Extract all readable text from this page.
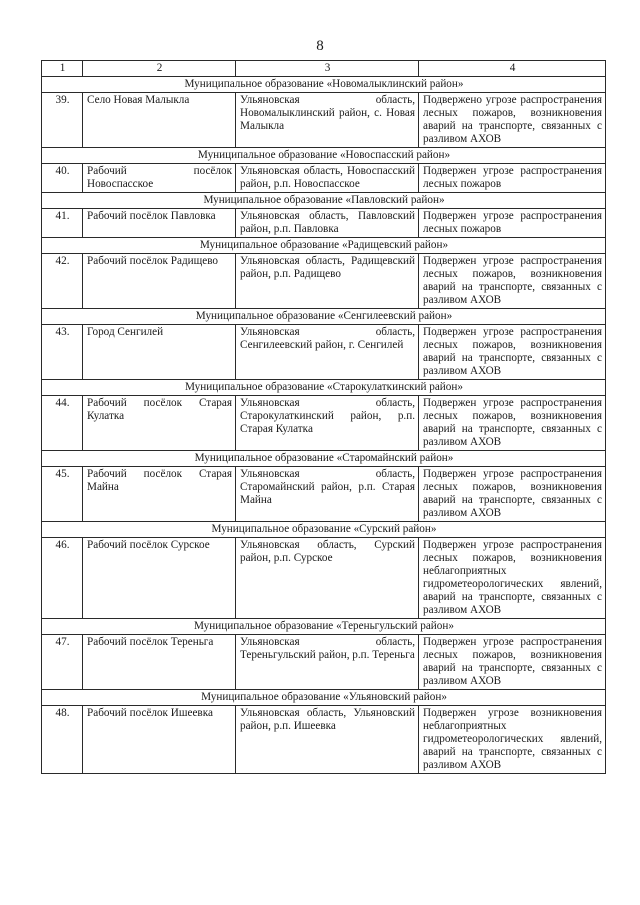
8
1	2	3	4
Муниципальное образование «Новомалыклинский район»			
39.	Село Новая Малыкла	Ульяновская область, Новомалыклинский район, с. Новая Малыкла	Подвержено угрозе распространения лесных пожаров, возникновения аварий на транспорте, связанных с разливом АХОВ
Муниципальное образование «Новоспасский район»			
40.	Рабочий посёлок Новоспасское	Ульяновская область, Новоспасский район, р.п. Новоспасское	Подвержен угрозе распространения лесных пожаров
Муниципальное образование «Павловский район»			
41.	Рабочий посёлок Павловка	Ульяновская область, Павловский район, р.п. Павловка	Подвержен угрозе распространения лесных пожаров
Муниципальное образование «Радищевский район»			
42.	Рабочий посёлок Радищево	Ульяновская область, Радищевский район, р.п. Радищево	Подвержен угрозе распространения лесных пожаров, возникновения аварий на транспорте, связанных с разливом АХОВ
Муниципальное образование «Сенгилеевский район»			
43.	Город Сенгилей	Ульяновская область, Сенгилеевский район, г. Сенгилей	Подвержен угрозе распространения лесных пожаров, возникновения аварий на транспорте, связанных с разливом АХОВ
Муниципальное образование «Старокулаткинский район»			
44.	Рабочий посёлок Старая Кулатка	Ульяновская область, Старокулаткинский район, р.п. Старая Кулатка	Подвержен угрозе распространения лесных пожаров, возникновения аварий на транспорте, связанных с разливом АХОВ
Муниципальное образование «Старомайнский район»			
45.	Рабочий посёлок Старая Майна	Ульяновская область, Старомайнский район, р.п. Старая Майна	Подвержен угрозе распространения лесных пожаров, возникновения аварий на транспорте, связанных с разливом АХОВ
Муниципальное образование «Сурский район»			
46.	Рабочий посёлок Сурское	Ульяновская область, Сурский район, р.п. Сурское	Подвержен угрозе распространения лесных пожаров, возникновения неблагоприятных гидрометеорологических явлений, аварий на транспорте, связанных с разливом АХОВ
Муниципальное образование «Тереньгульский район»			
47.	Рабочий посёлок Тереньга	Ульяновская область, Тереньгульский район, р.п. Тереньга	Подвержен угрозе распространения лесных пожаров, возникновения аварий на транспорте, связанных с разливом АХОВ
Муниципальное образование «Ульяновский район»			
48.	Рабочий посёлок Ишеевка	Ульяновская область, Ульяновский район, р.п. Ишеевка	Подвержен угрозе возникновения неблагоприятных гидрометеорологических явлений, аварий на транспорте, связанных с разливом АХОВ
